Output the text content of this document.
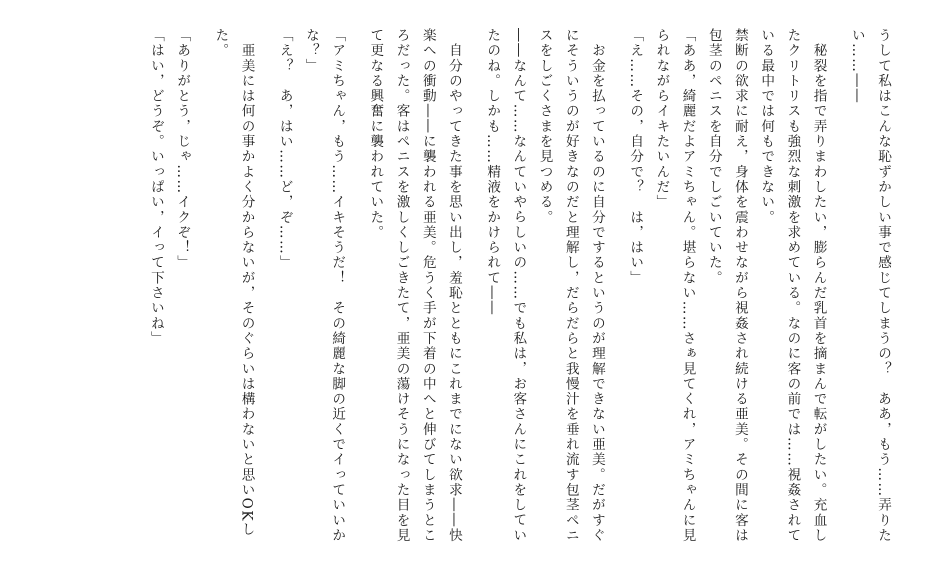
うして私はこんな恥ずかしい事で感じてしまうの？　ああ，もう……弄りたい……――

　秘裂を指で弄りまわしたい，膨らんだ乳首を摘まんで転がしたい。充血したクリトリスも強烈な刺激を求めている。なのに客の前では……視姦されている最中では何もできない。

禁断の欲求に耐え，身体を震わせながら視姦され続ける亜美。その間に客は包茎のペニスを自分でしごいていた。

「ああ，綺麗だよアミちゃん。堪らない……さぁ見てくれ，アミちゃんに見られながらイキたいんだ」

「え……その，自分で？　は，はい」

　お金を払っているのに自分でするというのが理解できない亜美。だがすぐにそういうのが好きなのだと理解し，だらだらと我慢汁を垂れ流す包茎ペニスをしごくさまを見つめる。

――なんて……なんていやらしいの……でも私は，お客さんにこれをしていたのね。しかも……精液をかけられて――

　自分のやってきた事を思い出し，羞恥とともにこれまでにない欲求――快楽への衝動――に襲われる亜美。危うく手が下着の中へと伸びてしまうところだった。客はペニスを激しくしごきたて，亜美の蕩けそうになった目を見て更なる興奮に襲われていた。

「アミちゃん，もう……イキそうだ！　その綺麗な脚の近くでイっていいかな？」

「え？　あ，はい……ど，ぞ……」

　亜美には何の事かよく分からないが，そのぐらいは構わないと思いOKした。

「ありがとう，じゃ……イクぞ！」

「はい，どうぞ。いっぱい，イって下さいね」
